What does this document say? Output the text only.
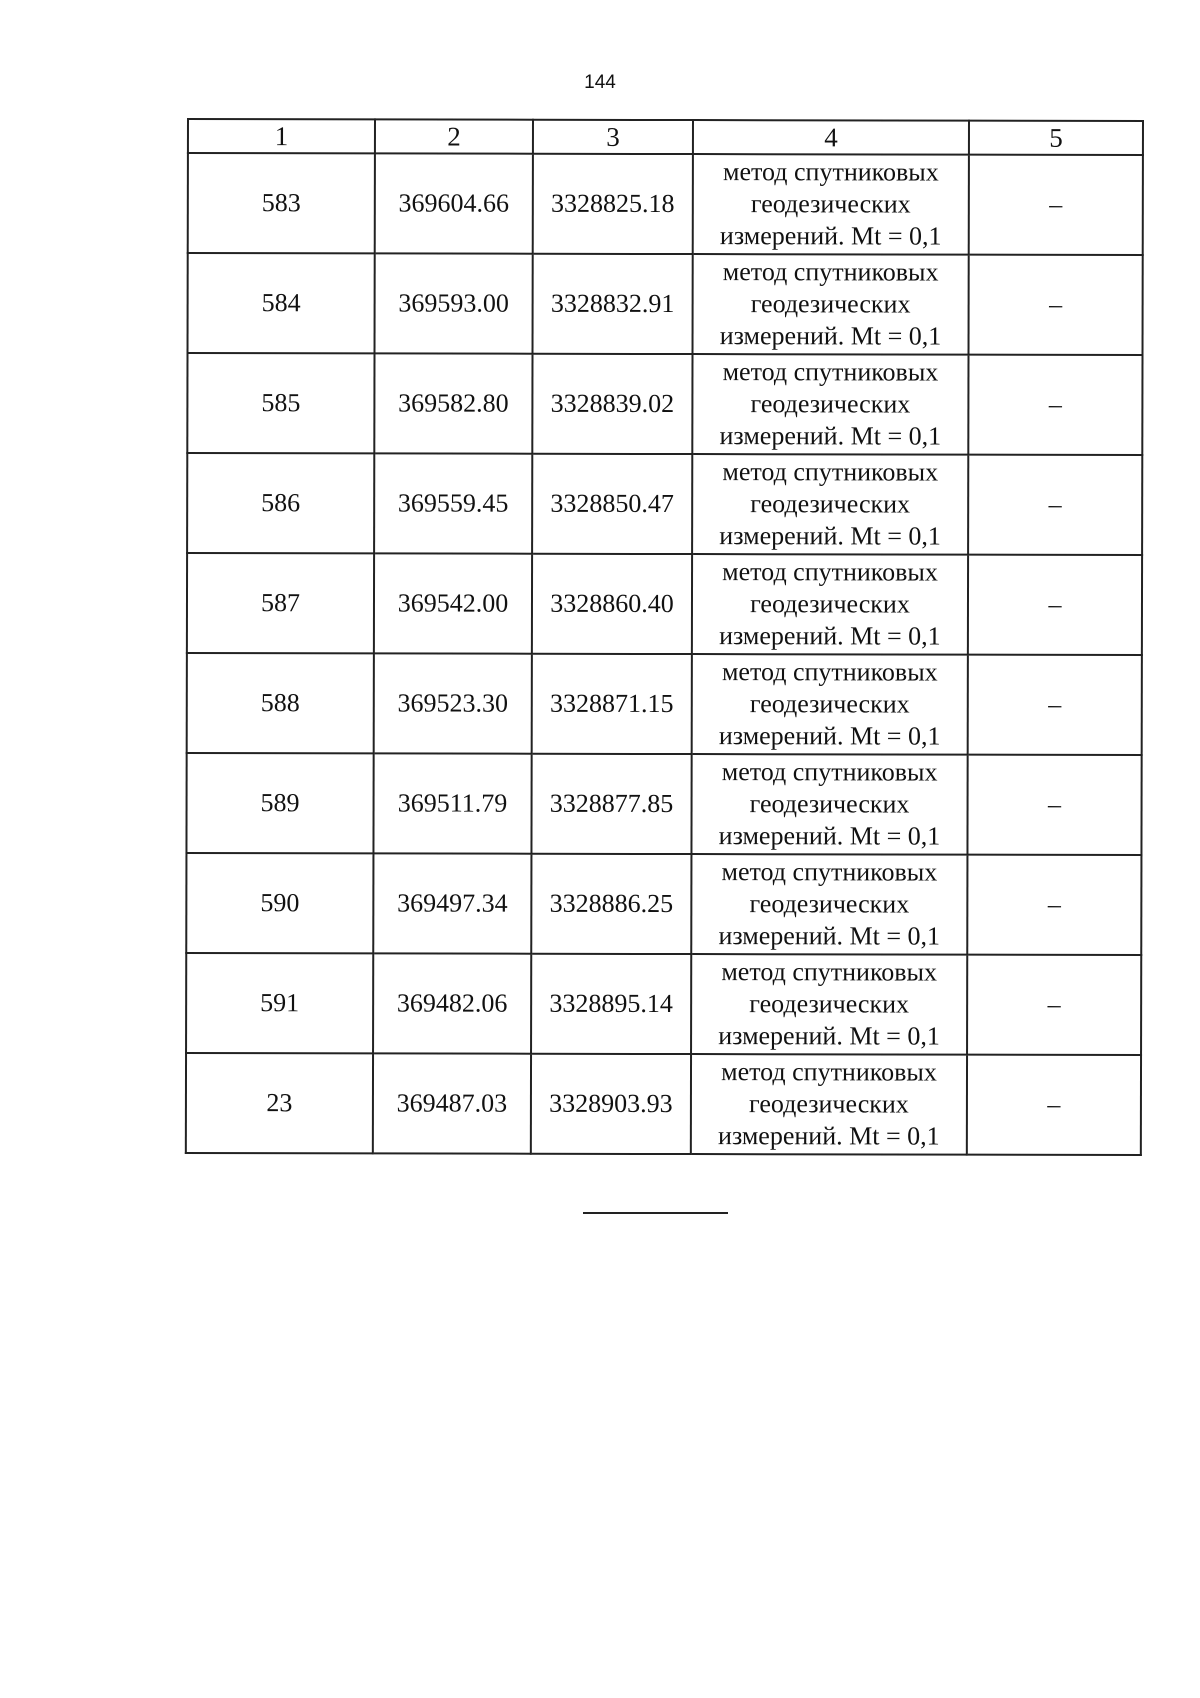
144
1	2	3	4	5
583	369604.66	3328825.18	метод спутниковых геодезических измерений. Mt = 0,1	–
584	369593.00	3328832.91	метод спутниковых геодезических измерений. Mt = 0,1	–
585	369582.80	3328839.02	метод спутниковых геодезических измерений. Mt = 0,1	–
586	369559.45	3328850.47	метод спутниковых геодезических измерений. Mt = 0,1	–
587	369542.00	3328860.40	метод спутниковых геодезических измерений. Mt = 0,1	–
588	369523.30	3328871.15	метод спутниковых геодезических измерений. Mt = 0,1	–
589	369511.79	3328877.85	метод спутниковых геодезических измерений. Mt = 0,1	–
590	369497.34	3328886.25	метод спутниковых геодезических измерений. Mt = 0,1	–
591	369482.06	3328895.14	метод спутниковых геодезических измерений. Mt = 0,1	–
23	369487.03	3328903.93	метод спутниковых геодезических измерений. Mt = 0,1	–
